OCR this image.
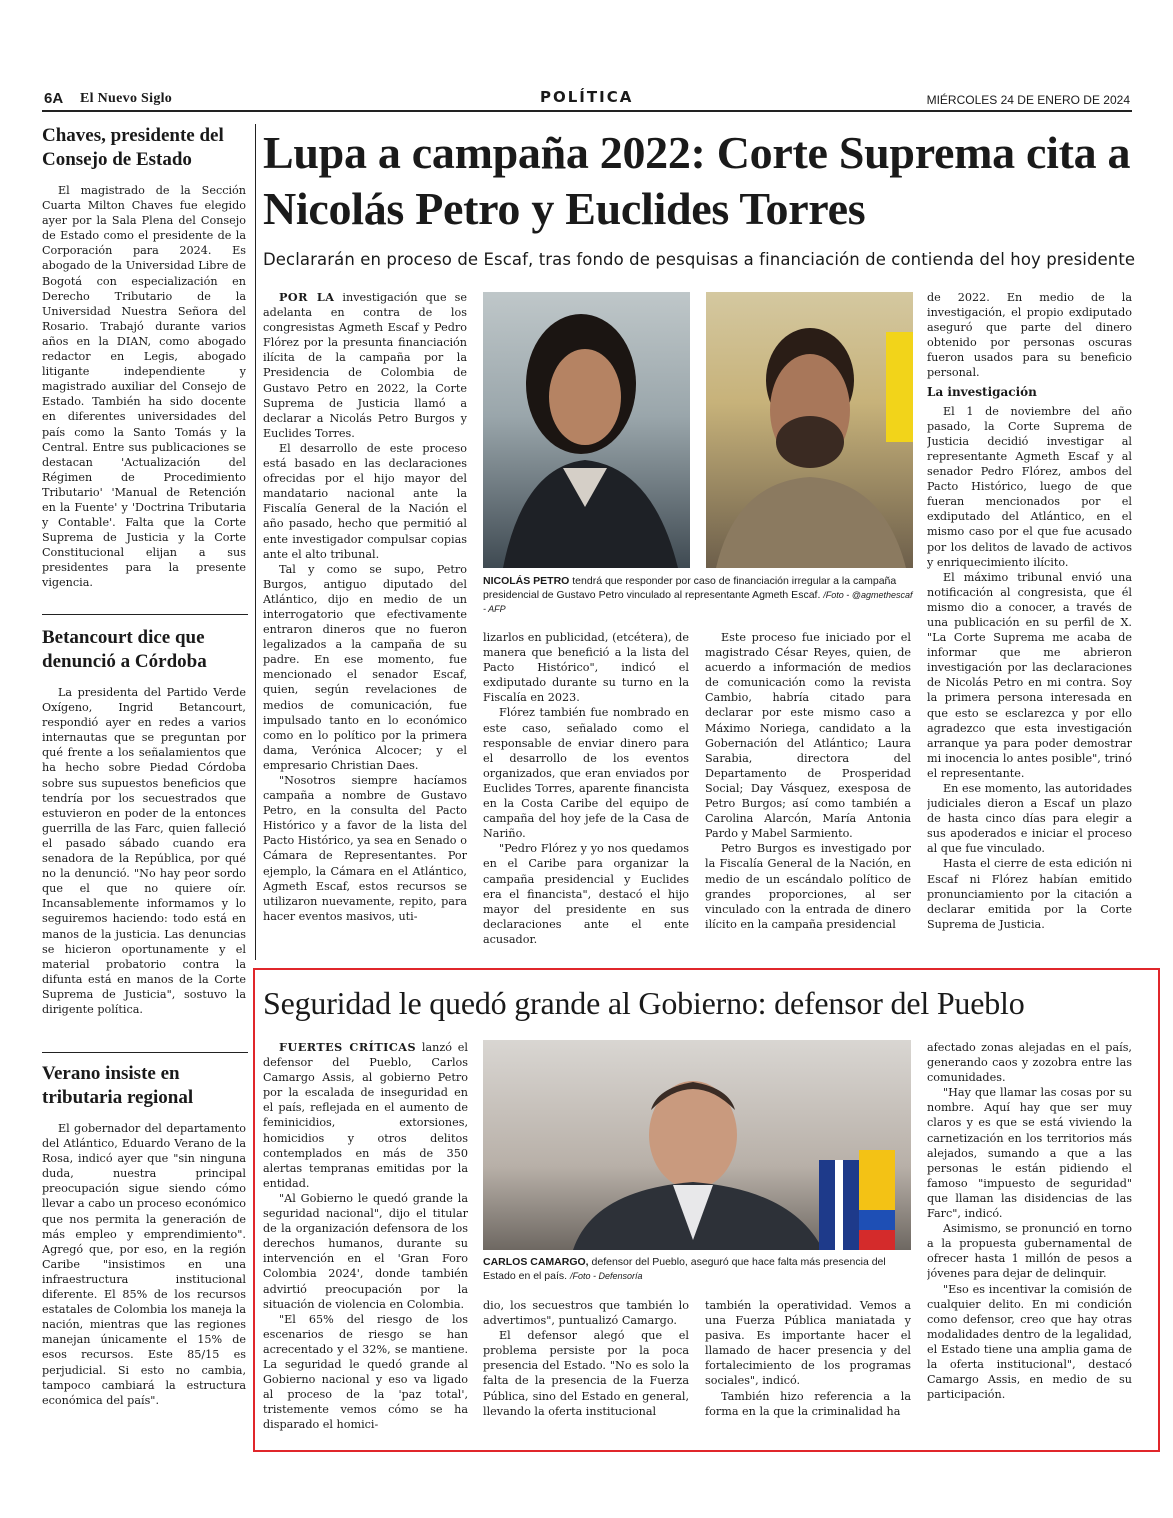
6A El Nuevo Siglo	POLÍTICA	MIÉRCOLES 24 DE ENERO DE 2024
Chaves, presidente del Consejo de Estado

El magistrado de la Sección Cuarta Milton Chaves fue elegido ayer por la Sala Plena del Consejo de Estado como el presidente de la Corporación para 2024. Es abogado de la Universidad Libre de Bogotá con especialización en Derecho Tributario de la Universidad Nuestra Señora del Rosario. Trabajó durante varios años en la DIAN, como abogado redactor en Legis, abogado litigante independiente y magistrado auxiliar del Consejo de Estado. También ha sido docente en diferentes universidades del país como la Santo Tomás y la Central. Entre sus publicaciones se destacan 'Actualización del Régimen de Procedimiento Tributario' 'Manual de Retención en la Fuente' y 'Doctrina Tributaria y Contable'. Falta que la Corte Suprema de Justicia y la Corte Constitucional elijan a sus presidentes para la presente vigencia.

Betancourt dice que denunció a Córdoba

La presidenta del Partido Verde Oxígeno, Ingrid Betancourt, respondió ayer en redes a varios internautas que se preguntan por qué frente a los señalamientos que ha hecho sobre Piedad Córdoba sobre sus supuestos beneficios que tendría por los secuestrados que estuvieron en poder de la entonces guerrilla de las Farc, quien falleció el pasado sábado cuando era senadora de la República, por qué no la denunció. "No hay peor sordo que el que no quiere oír. Incansablemente informamos y lo seguiremos haciendo: todo está en manos de la justicia. Las denuncias se hicieron oportunamente y el material probatorio contra la difunta está en manos de la Corte Suprema de Justicia", sostuvo la dirigente política.

Verano insiste en tributaria regional

El gobernador del departamento del Atlántico, Eduardo Verano de la Rosa, indicó ayer que "sin ninguna duda, nuestra principal preocupación sigue siendo cómo llevar a cabo un proceso económico que nos permita la generación de más empleo y emprendimiento". Agregó que, por eso, en la región Caribe "insistimos en una infraestructura institucional diferente. El 85% de los recursos estatales de Colombia los maneja la nación, mientras que las regiones manejan únicamente el 15% de esos recursos. Este 85/15 es perjudicial. Si esto no cambia, tampoco cambiará la estructura económica del país".

Lupa a campaña 2022: Corte Suprema cita a Nicolás Petro y Euclides Torres
Declararán en proceso de Escaf, tras fondo de pesquisas a financiación de contienda del hoy presidente

POR LA investigación que se adelanta en contra de los congresistas Agmeth Escaf y Pedro Flórez por la presunta financiación ilícita de la campaña por la Presidencia de Colombia de Gustavo Petro en 2022, la Corte Suprema de Justicia llamó a declarar a Nicolás Petro Burgos y Euclides Torres.

El desarrollo de este proceso está basado en las declaraciones ofrecidas por el hijo mayor del mandatario nacional ante la Fiscalía General de la Nación el año pasado, hecho que permitió al ente investigador compulsar copias ante el alto tribunal.

Tal y como se supo, Petro Burgos, antiguo diputado del Atlántico, dijo en medio de un interrogatorio que efectivamente entraron dineros que no fueron legalizados a la campaña de su padre. En ese momento, fue mencionado el senador Escaf, quien, según revelaciones de medios de comunicación, fue impulsado tanto en lo económico como en lo político por la primera dama, Verónica Alcocer; y el empresario Christian Daes.

"Nosotros siempre hacíamos campaña a nombre de Gustavo Petro, en la consulta del Pacto Histórico y a favor de la lista del Pacto Histórico, ya sea en Senado o Cámara de Representantes. Por ejemplo, la Cámara en el Atlántico, Agmeth Escaf, estos recursos se utilizaron nuevamente, repito, para hacer eventos masivos, uti-

NICOLÁS PETRO tendrá que responder por caso de financiación irregular a la campaña presidencial de Gustavo Petro vinculado al representante Agmeth Escaf. /Foto - @agmethescaf - AFP

lizarlos en publicidad, (etcétera), de manera que benefició a la lista del Pacto Histórico", indicó el exdiputado durante su turno en la Fiscalía en 2023.

Flórez también fue nombrado en este caso, señalado como el responsable de enviar dinero para el desarrollo de los eventos organizados, que eran enviados por Euclides Torres, aparente financista en la Costa Caribe del equipo de campaña del hoy jefe de la Casa de Nariño.

"Pedro Flórez y yo nos quedamos en el Caribe para organizar la campaña presidencial y Euclides era el financista", destacó el hijo mayor del presidente en sus declaraciones ante el ente acusador.

Este proceso fue iniciado por el magistrado César Reyes, quien, de acuerdo a información de medios de comunicación como la revista Cambio, habría citado para declarar por este mismo caso a Máximo Noriega, candidato a la Gobernación del Atlántico; Laura Sarabia, directora del Departamento de Prosperidad Social; Day Vásquez, exesposa de Petro Burgos; así como también a Carolina Alarcón, María Antonia Pardo y Mabel Sarmiento.

Petro Burgos es investigado por la Fiscalía General de la Nación, en medio de un escándalo político de grandes proporciones, al ser vinculado con la entrada de dinero ilícito en la campaña presidencial

de 2022. En medio de la investigación, el propio exdiputado aseguró que parte del dinero obtenido por personas oscuras fueron usados para su beneficio personal.

La investigación

El 1 de noviembre del año pasado, la Corte Suprema de Justicia decidió investigar al representante Agmeth Escaf y al senador Pedro Flórez, ambos del Pacto Histórico, luego de que fueran mencionados por el exdiputado del Atlántico, en el mismo caso por el que fue acusado por los delitos de lavado de activos y enriquecimiento ilícito.

El máximo tribunal envió una notificación al congresista, que él mismo dio a conocer, a través de una publicación en su perfil de X. "La Corte Suprema me acaba de informar que me abrieron investigación por las declaraciones de Nicolás Petro en mi contra. Soy la primera persona interesada en que esto se esclarezca y por ello agradezco que esta investigación arranque ya para poder demostrar mi inocencia lo antes posible", trinó el representante.

En ese momento, las autoridades judiciales dieron a Escaf un plazo de hasta cinco días para elegir a sus apoderados e iniciar el proceso al que fue vinculado.

Hasta el cierre de esta edición ni Escaf ni Flórez habían emitido pronunciamiento por la citación a declarar emitida por la Corte Suprema de Justicia.

Seguridad le quedó grande al Gobierno: defensor del Pueblo

FUERTES CRÍTICAS lanzó el defensor del Pueblo, Carlos Camargo Assis, al gobierno Petro por la escalada de inseguridad en el país, reflejada en el aumento de feminicidios, extorsiones, homicidios y otros delitos contemplados en más de 350 alertas tempranas emitidas por la entidad.

"Al Gobierno le quedó grande la seguridad nacional", dijo el titular de la organización defensora de los derechos humanos, durante su intervención en el 'Gran Foro Colombia 2024', donde también advirtió preocupación por la situación de violencia en Colombia.

"El 65% del riesgo de los escenarios de riesgo se han acrecentado y el 32%, se mantiene. La seguridad le quedó grande al Gobierno nacional y eso va ligado al proceso de la 'paz total', tristemente vemos cómo se ha disparado el homici-

CARLOS CAMARGO, defensor del Pueblo, aseguró que hace falta más presencia del Estado en el país. /Foto - Defensoría

dio, los secuestros que también lo advertimos", puntualizó Camargo.

El defensor alegó que el problema persiste por la poca presencia del Estado. "No es solo la falta de la presencia de la Fuerza Pública, sino del Estado en general, llevando la oferta institucional

también la operatividad. Vemos a una Fuerza Pública maniatada y pasiva. Es importante hacer el llamado de hacer presencia y del fortalecimiento de los programas sociales", indicó.

También hizo referencia a la forma en la que la criminalidad ha

afectado zonas alejadas en el país, generando caos y zozobra entre las comunidades.

"Hay que llamar las cosas por su nombre. Aquí hay que ser muy claros y es que se está viviendo la carnetización en los territorios más alejados, sumando a que a las personas le están pidiendo el famoso "impuesto de seguridad" que llaman las disidencias de las Farc", indicó.

Asimismo, se pronunció en torno a la propuesta gubernamental de ofrecer hasta 1 millón de pesos a jóvenes para dejar de delinquir.

"Eso es incentivar la comisión de cualquier delito. En mi condición como defensor, creo que hay otras modalidades dentro de la legalidad, el Estado tiene una amplia gama de la oferta institucional", destacó Camargo Assis, en medio de su participación.
